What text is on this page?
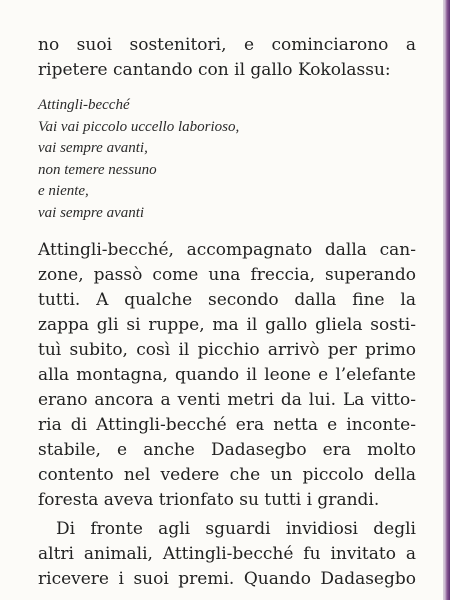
no suoi sostenitori, e cominciarono a
ripetere cantando con il gallo Kokolassu:
Attingli-becché
Vai vai piccolo uccello laborioso,
vai sempre avanti,
non temere nessuno
e niente,
vai sempre avanti
Attingli-becché, accompagnato dalla can-
zone, passò come una freccia, superando
tutti. A qualche secondo dalla fine la
zappa gli si ruppe, ma il gallo gliela sosti-
tuì subito, così il picchio arrivò per primo
alla montagna, quando il leone e l’elefante
erano ancora a venti metri da lui. La vitto-
ria di Attingli-becché era netta e inconte-
stabile, e anche Dadasegbo era molto
contento nel vedere che un piccolo della
foresta aveva trionfato su tutti i grandi.
Di fronte agli sguardi invidiosi degli
altri animali, Attingli-becché fu invitato a
ricevere i suoi premi. Quando Dadasegbo
